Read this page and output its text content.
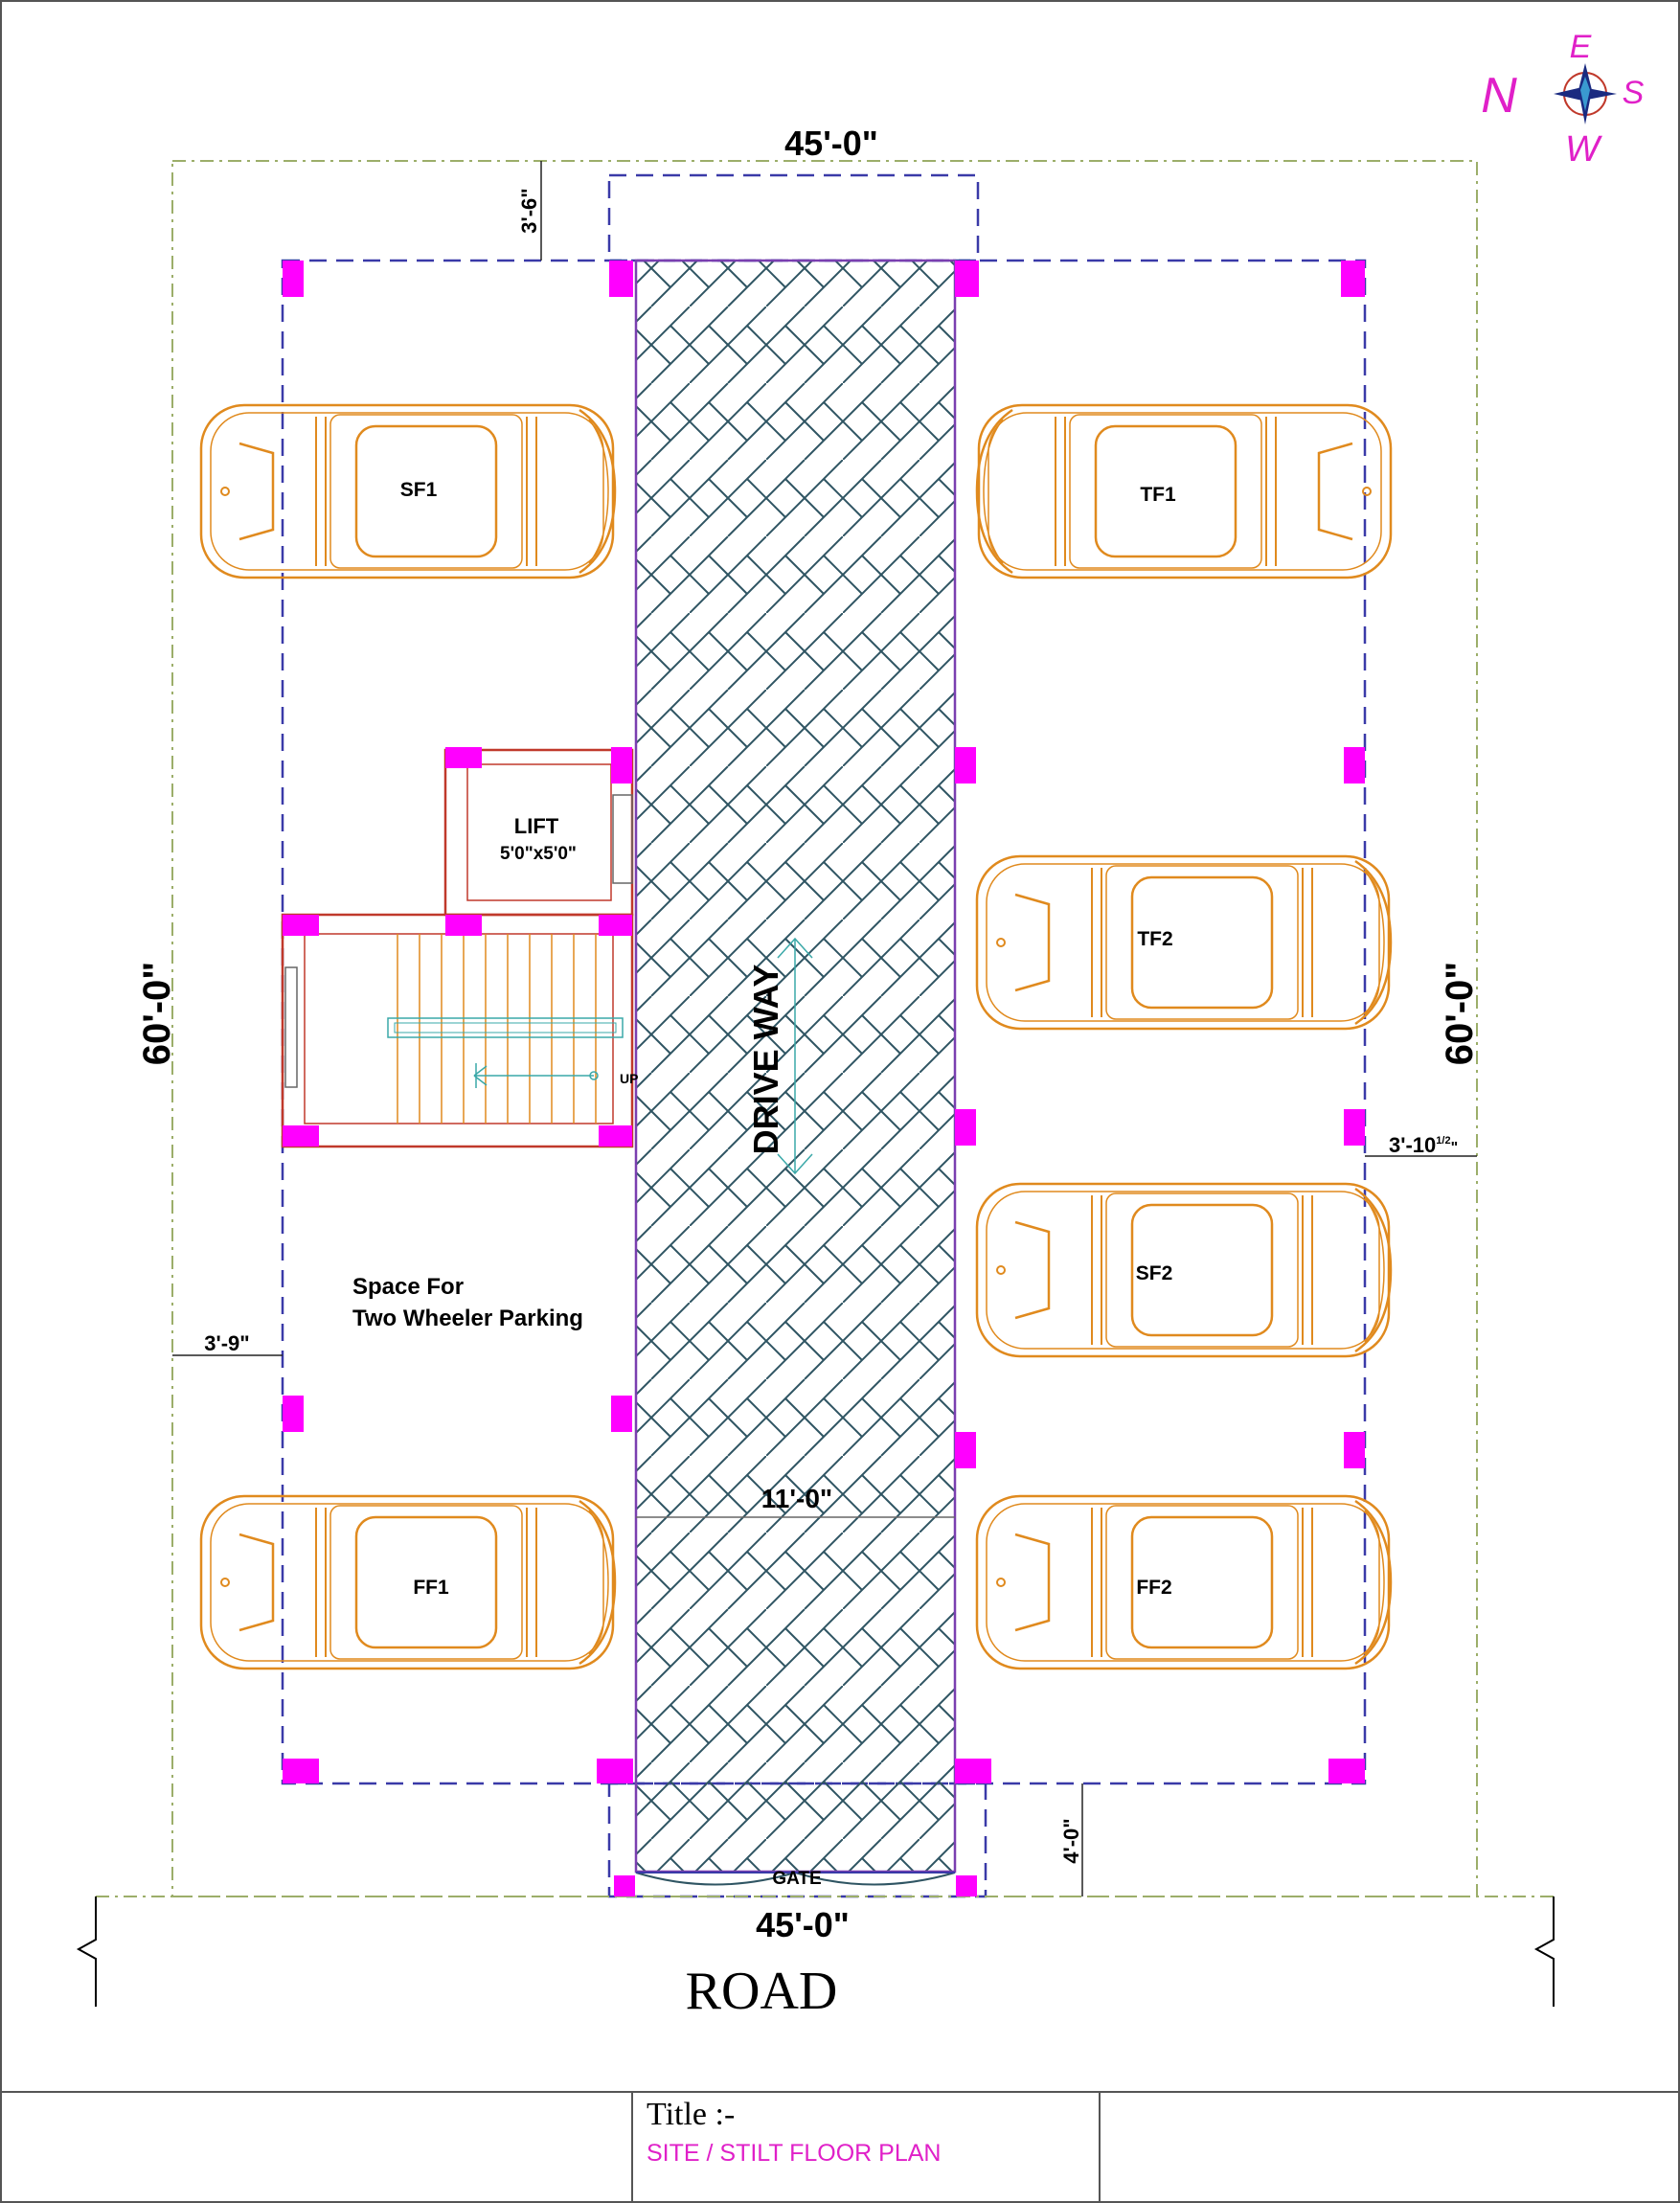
E
N	S
W
45'-0"
45'-0"
60'-0"	60'-0"
3'-6"
3'-9"
$3'-10^{1/2}_"$
4'-0"
11'-0"
LIFT
5'0"x5'0"
UP	DRIVE WAY
Space For
Two Wheeler Parking
GATE
ROAD
SF1	TF1
TF2
SF2
FF1	FF2
Title :-
SITE / STILT FLOOR PLAN
